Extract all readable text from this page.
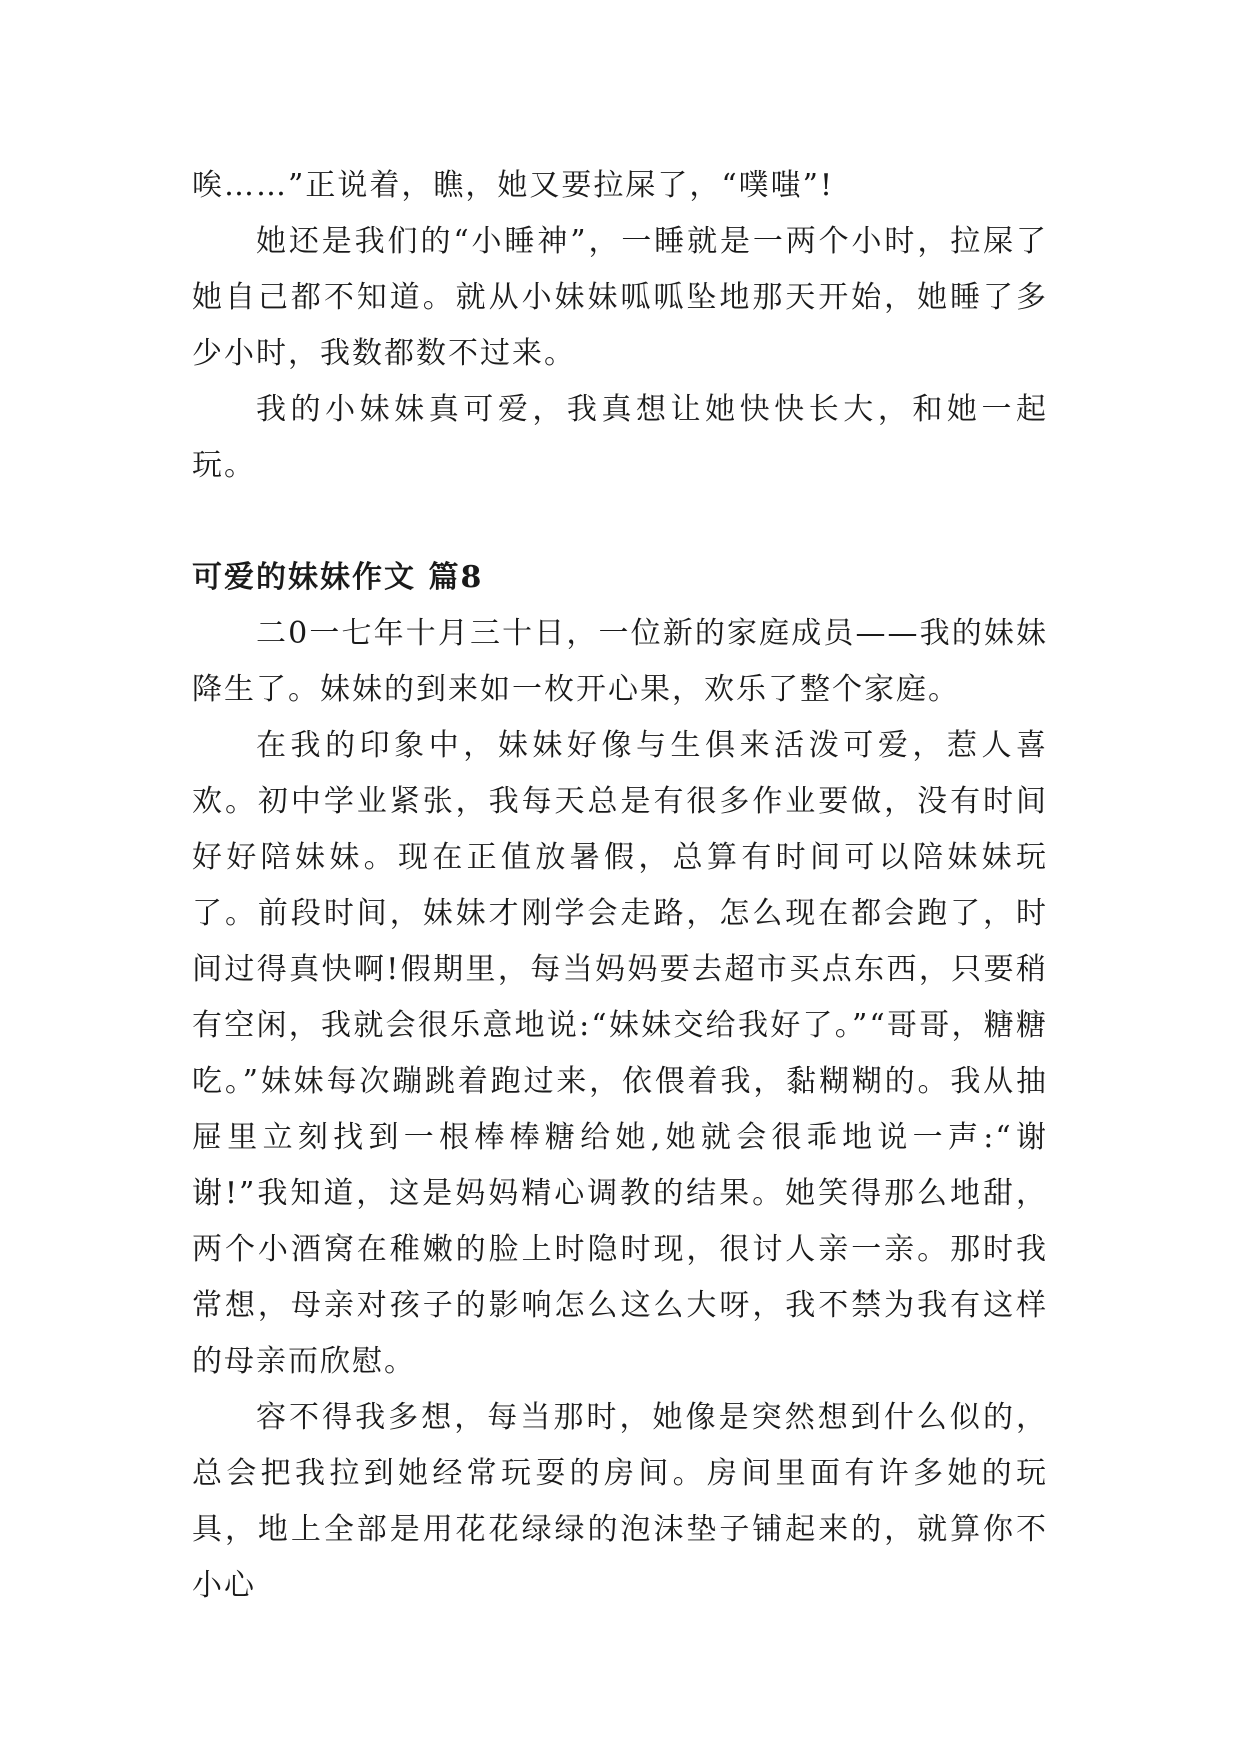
唉……”正说着，瞧，她又要拉屎了，“噗嗤”!

她还是我们的“小睡神”，一睡就是一两个小时，拉屎了她自己都不知道。就从小妹妹呱呱坠地那天开始，她睡了多少小时，我数都数不过来。

我的小妹妹真可爱，我真想让她快快长大，和她一起玩。

可爱的妹妹作文 篇8

二0一七年十月三十日，一位新的家庭成员——我的妹妹降生了。妹妹的到来如一枚开心果，欢乐了整个家庭。

在我的印象中，妹妹好像与生俱来活泼可爱，惹人喜欢。初中学业紧张，我每天总是有很多作业要做，没有时间好好陪妹妹。现在正值放暑假，总算有时间可以陪妹妹玩了。前段时间，妹妹才刚学会走路，怎么现在都会跑了，时间过得真快啊!假期里，每当妈妈要去超市买点东西，只要稍有空闲，我就会很乐意地说:“妹妹交给我好了。”“哥哥，糖糖吃。”妹妹每次蹦跳着跑过来，依偎着我，黏糊糊的。我从抽屉里立刻找到一根棒棒糖给她,她就会很乖地说一声:“谢谢!”我知道，这是妈妈精心调教的结果。她笑得那么地甜，两个小酒窝在稚嫩的脸上时隐时现，很讨人亲一亲。那时我常想，母亲对孩子的影响怎么这么大呀，我不禁为我有这样的母亲而欣慰。

容不得我多想，每当那时，她像是突然想到什么似的，总会把我拉到她经常玩耍的房间。房间里面有许多她的玩具，地上全部是用花花绿绿的泡沫垫子铺起来的，就算你不小心
